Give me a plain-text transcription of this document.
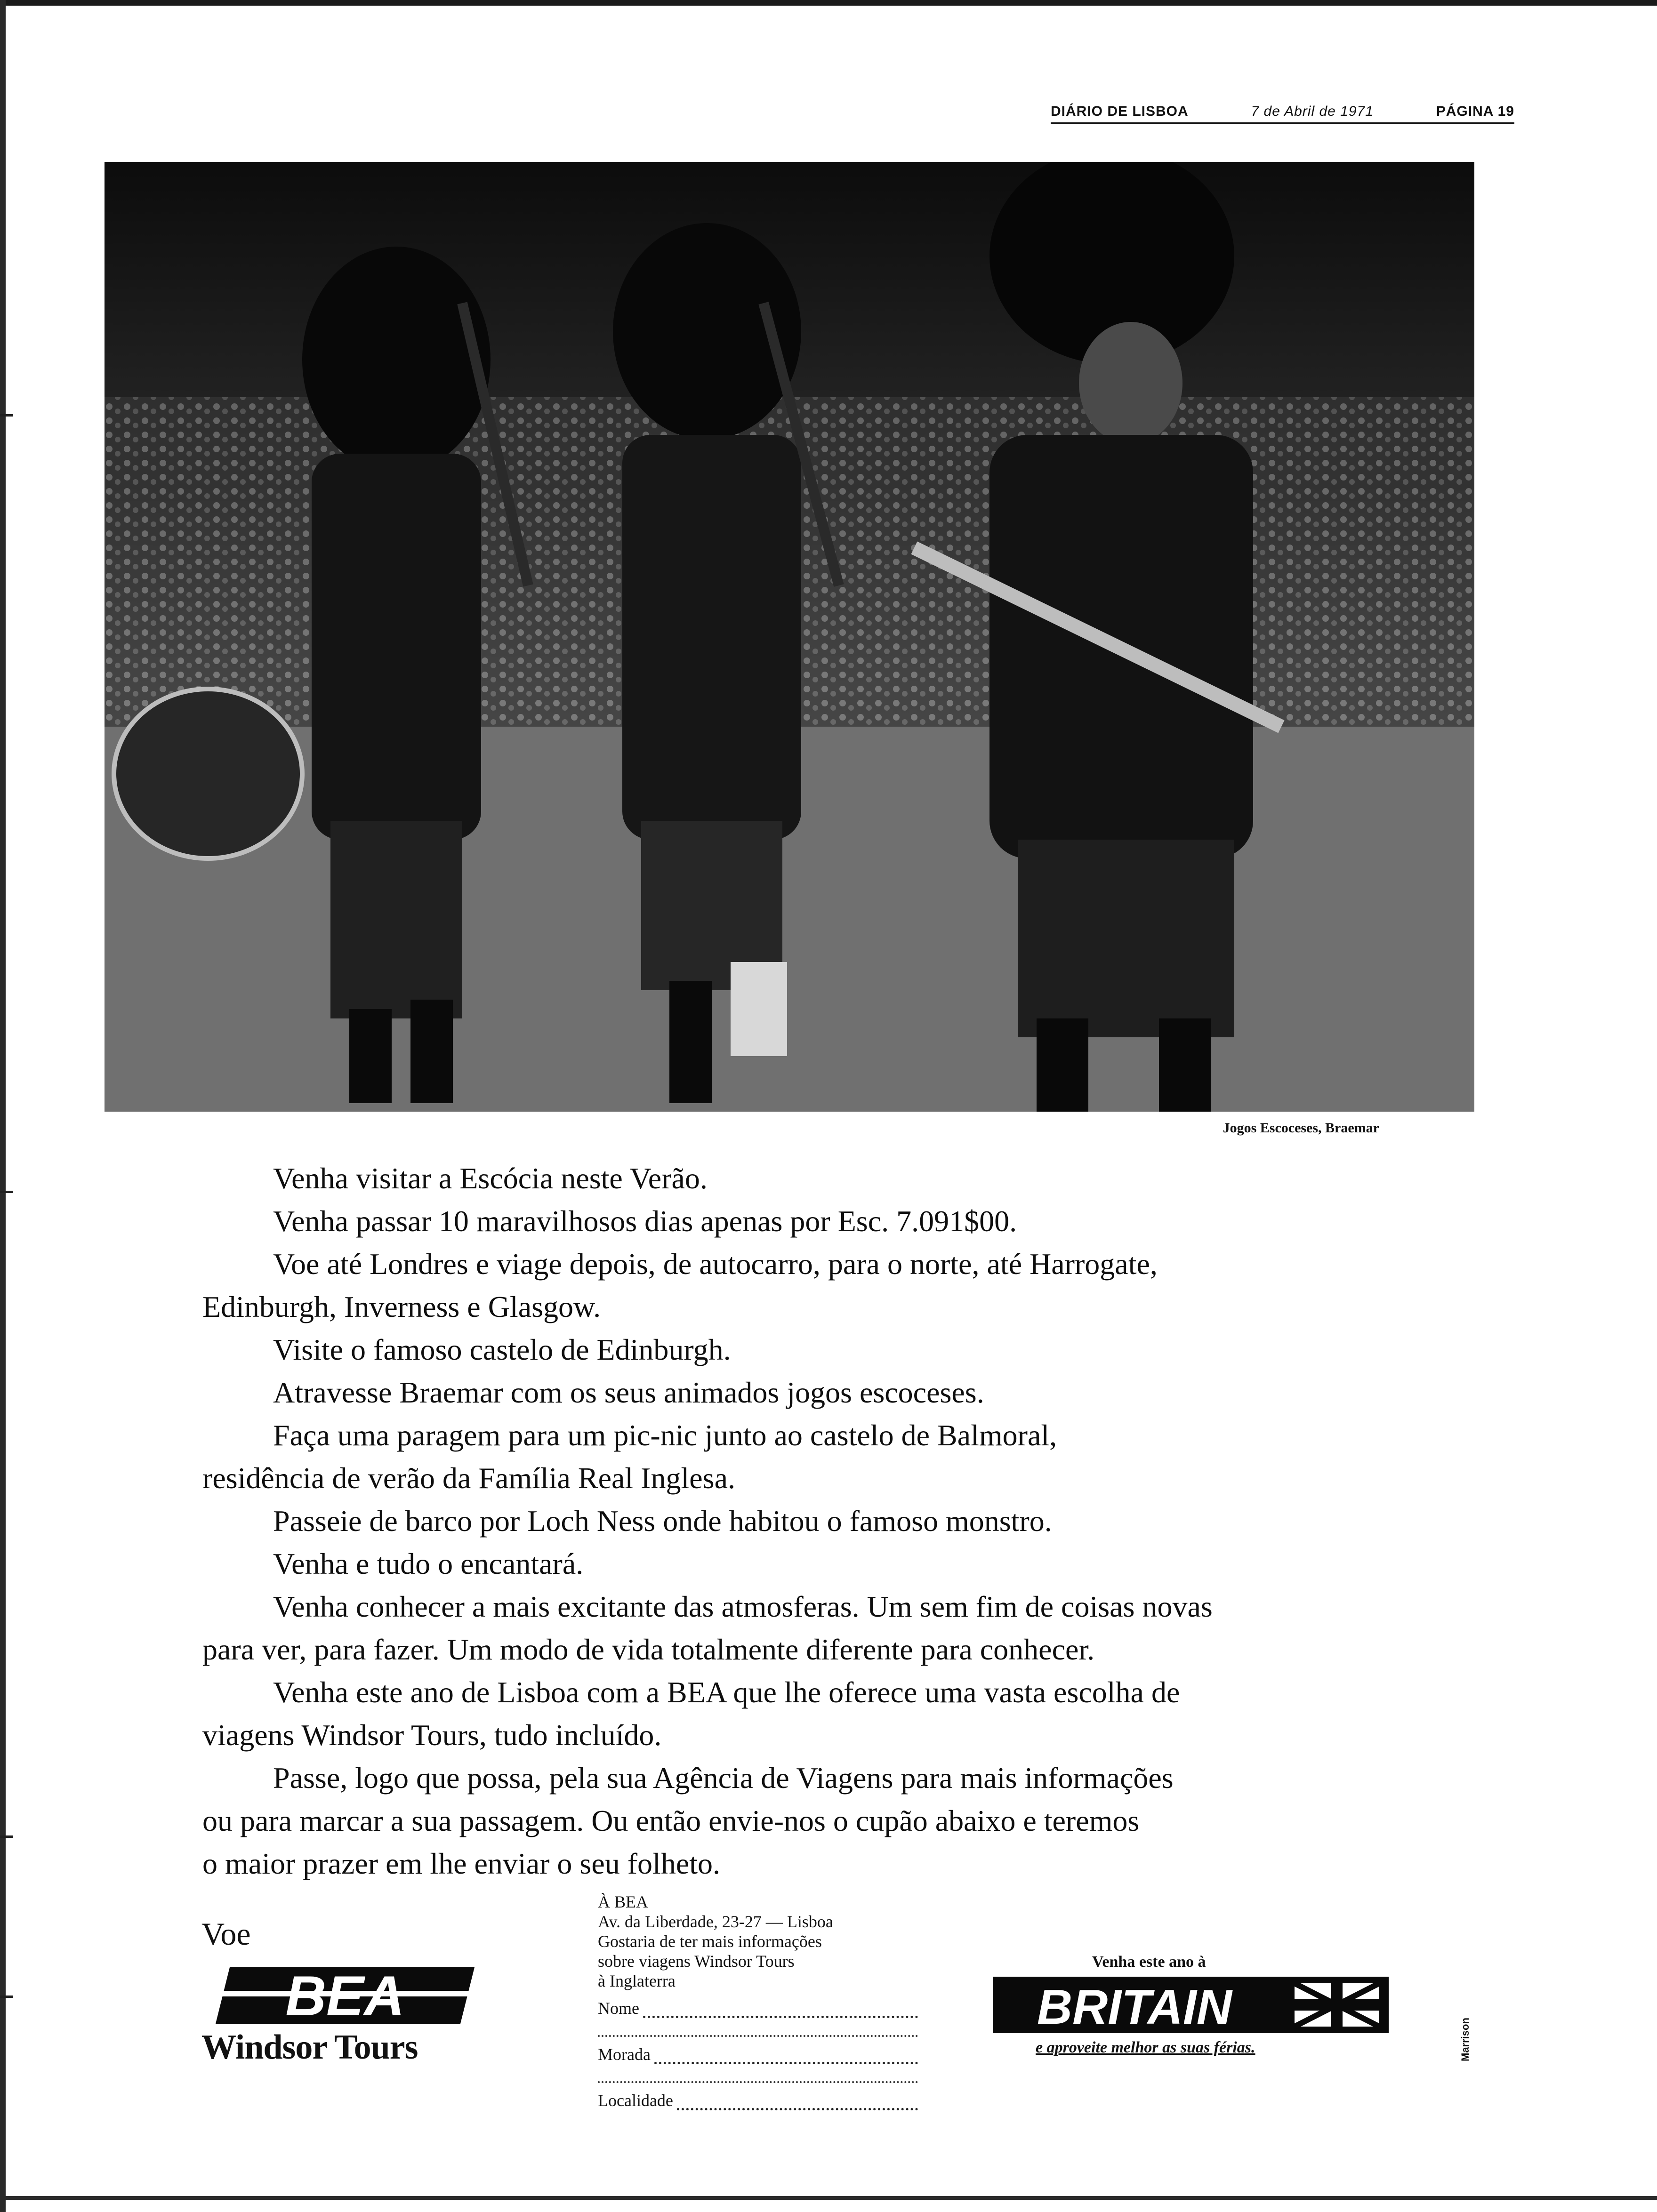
DIÁRIO DE LISBOA	7 de Abril de 1971	PÁGINA 19
Jogos Escoceses, Braemar

Venha visitar a Escócia neste Verão.

Venha passar 10 maravilhosos dias apenas por Esc. 7.091$00.

Voe até Londres e viage depois, de autocarro, para o norte, até Harrogate,

Edinburgh, Inverness e Glasgow.

Visite o famoso castelo de Edinburgh.

Atravesse Braemar com os seus animados jogos escoceses.

Faça uma paragem para um pic-nic junto ao castelo de Balmoral,

residência de verão da Família Real Inglesa.

Passeie de barco por Loch Ness onde habitou o famoso monstro.

Venha e tudo o encantará.

Venha conhecer a mais excitante das atmosferas. Um sem fim de coisas novas

para ver, para fazer. Um modo de vida totalmente diferente para conhecer.

Venha este ano de Lisboa com a BEA que lhe oferece uma vasta escolha de

viagens Windsor Tours, tudo incluído.

Passe, logo que possa, pela sua Agência de Viagens para mais informações

ou para marcar a sua passagem. Ou então envie-nos o cupão abaixo e teremos

o maior prazer em lhe enviar o seu folheto.

Voe
BEA
Windsor Tours
À BEA
Av. da Liberdade, 23-27 — Lisboa
Gostaria de ter mais informações
sobre viagens Windsor Tours
à Inglaterra
Nome
Morada
Localidade
Venha este ano à
BRITAIN
e aproveite melhor as suas férias.	Marrison
